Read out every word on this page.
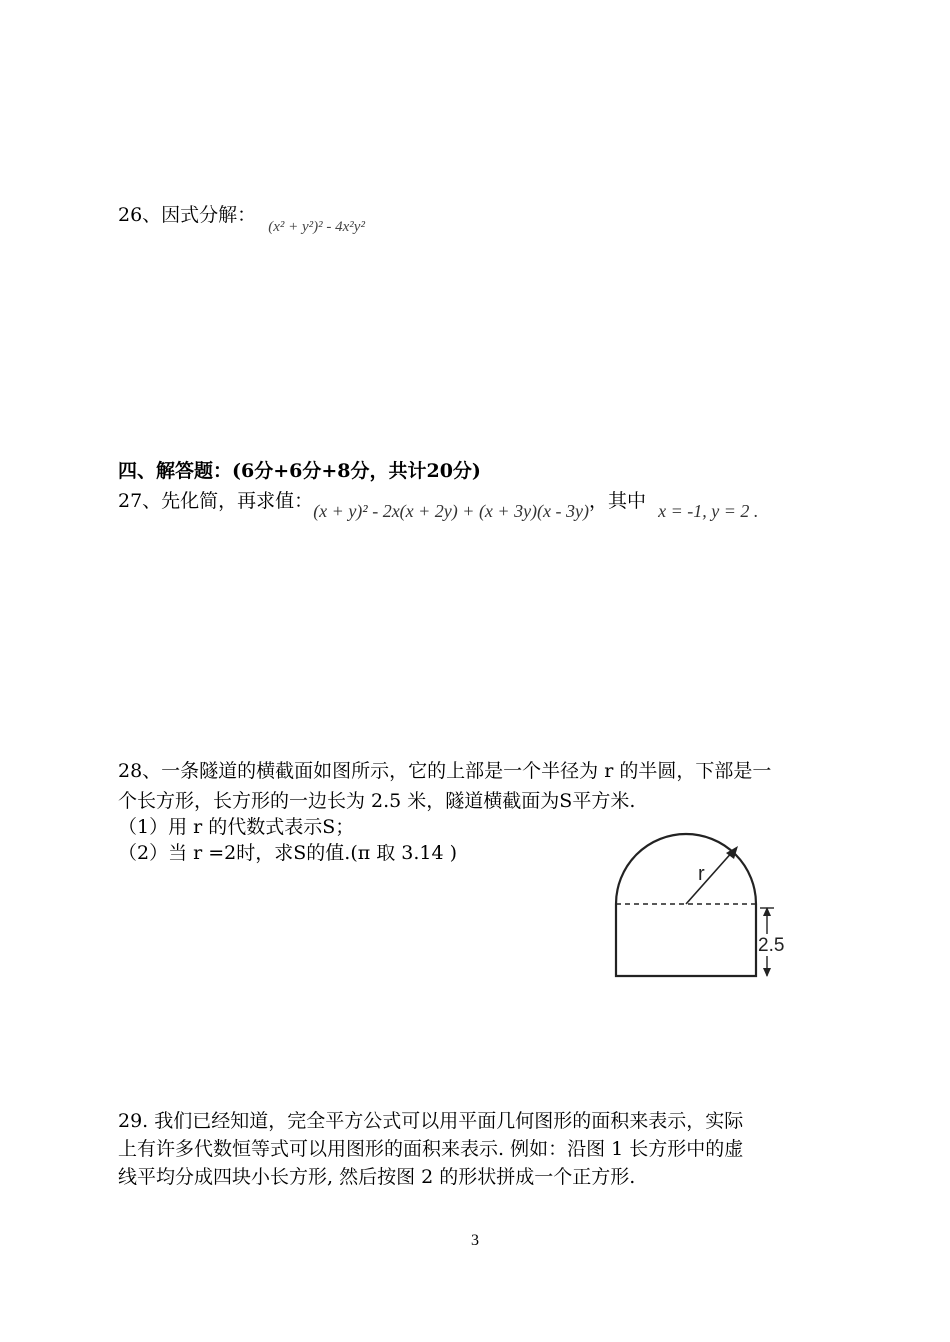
26、因式分解： $_{(x^2 + y^2)^2 - 4x^2y^2}$
四、解答题：(6分+6分+8分，共计20分)
27、先化简，再求值：(x + y)² - 2x(x + 2y) + (x + 3y)(x - 3y)，其中 x = -1, y = 2 .
28、一条隧道的横截面如图所示，它的上部是一个半径为 r 的半圆，下部是一
个长方形，长方形的一边长为 2.5 米，隧道横截面为S平方米.
（1）用 r 的代数式表示S；
（2）当 r =2时，求S的值.(π 取 3.14 )
r
2.5
29. 我们已经知道，完全平方公式可以用平面几何图形的面积来表示，实际
上有许多代数恒等式可以用图形的面积来表示. 例如：沿图 1 长方形中的虚
线平均分成四块小长方形, 然后按图 2 的形状拼成一个正方形.
3
